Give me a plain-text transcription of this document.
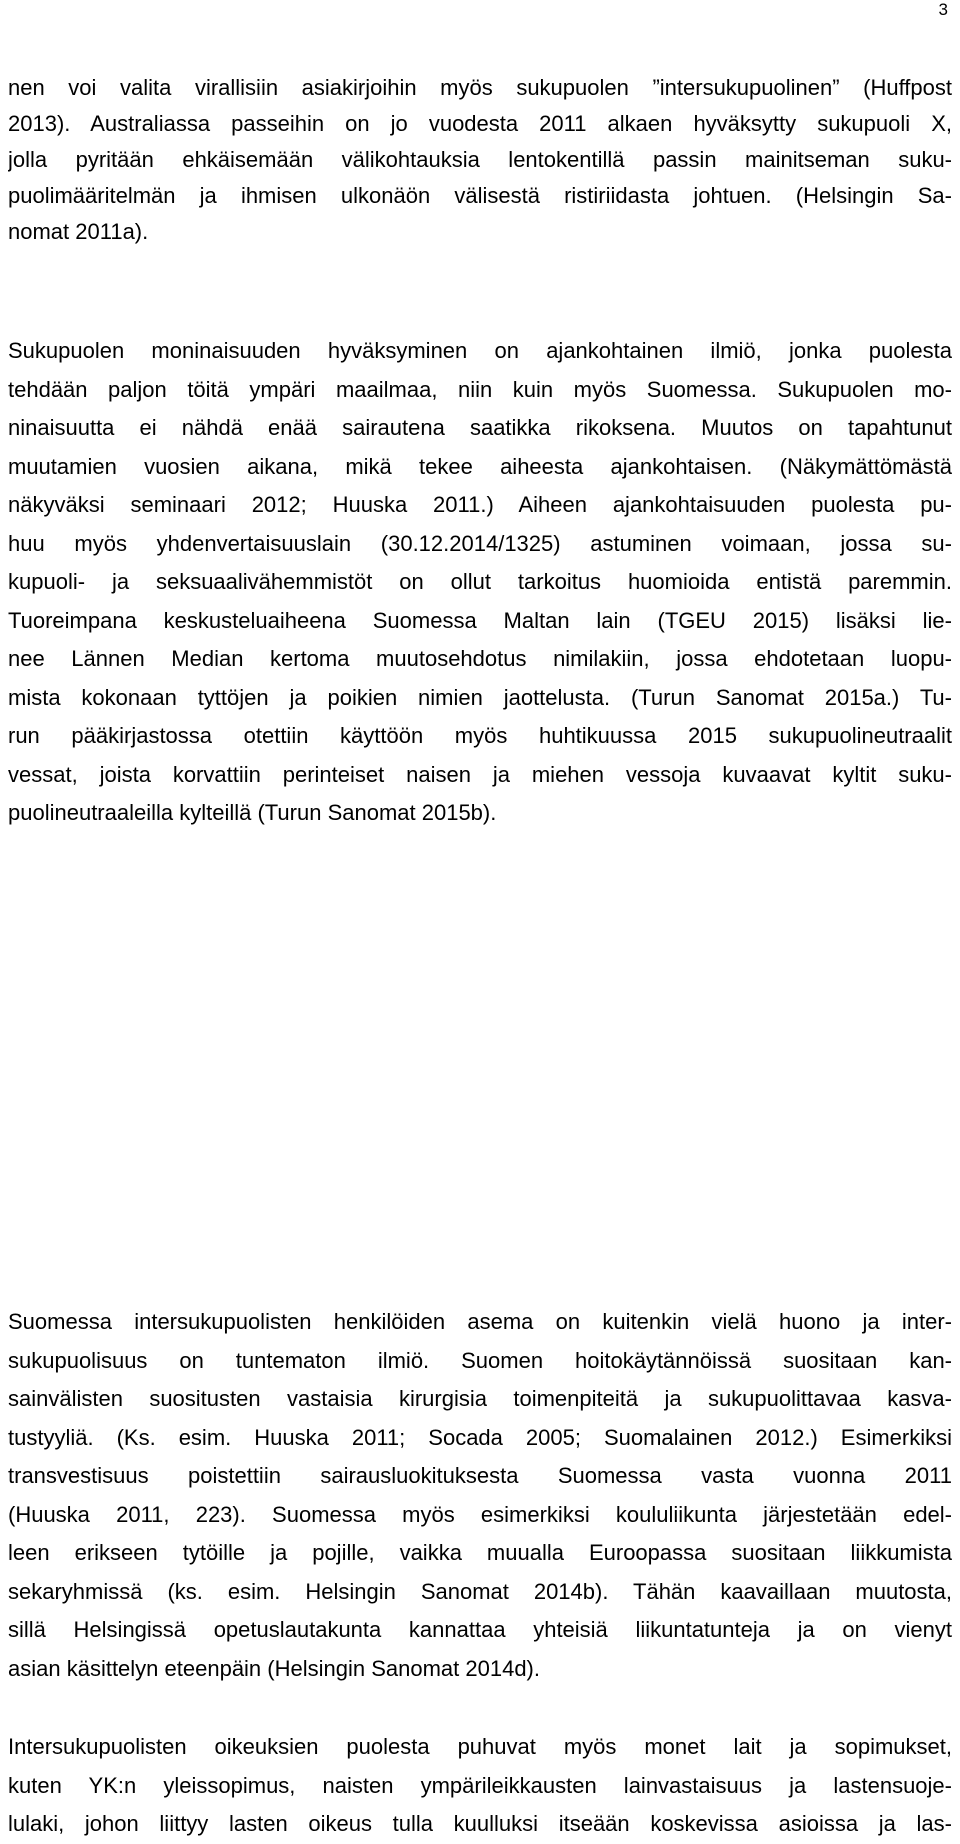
3
nen voi valita virallisiin asiakirjoihin myös sukupuolen ”intersukupuolinen” (Huffpost
2013). Australiassa passeihin on jo vuodesta 2011 alkaen hyväksytty sukupuoli X,
jolla pyritään ehkäisemään välikohtauksia lentokentillä passin mainitseman suku-
puolimääritelmän ja ihmisen ulkonäön välisestä ristiriidasta johtuen. (Helsingin Sa-
nomat 2011a).
Sukupuolen moninaisuuden hyväksyminen on ajankohtainen ilmiö, jonka puolesta
tehdään paljon töitä ympäri maailmaa, niin kuin myös Suomessa. Sukupuolen mo-
ninaisuutta ei nähdä enää sairautena saatikka rikoksena. Muutos on tapahtunut
muutamien vuosien aikana, mikä tekee aiheesta ajankohtaisen. (Näkymättömästä
näkyväksi seminaari 2012; Huuska 2011.) Aiheen ajankohtaisuuden puolesta pu-
huu myös yhdenvertaisuuslain (30.12.2014/1325) astuminen voimaan, jossa su-
kupuoli- ja seksuaalivähemmistöt on ollut tarkoitus huomioida entistä paremmin.
Tuoreimpana keskusteluaiheena Suomessa Maltan lain (TGEU 2015) lisäksi lie-
nee Lännen Median kertoma muutosehdotus nimilakiin, jossa ehdotetaan luopu-
mista kokonaan tyttöjen ja poikien nimien jaottelusta. (Turun Sanomat 2015a.) Tu-
run pääkirjastossa otettiin käyttöön myös huhtikuussa 2015 sukupuolineutraalit
vessat, joista korvattiin perinteiset naisen ja miehen vessoja kuvaavat kyltit suku-
puolineutraaleilla kylteillä (Turun Sanomat 2015b).
Suomessa intersukupuolisten henkilöiden asema on kuitenkin vielä huono ja inter-
sukupuolisuus on tuntematon ilmiö. Suomen hoitokäytännöissä suositaan kan-
sainvälisten suositusten vastaisia kirurgisia toimenpiteitä ja sukupuolittavaa kasva-
tustyyliä. (Ks. esim. Huuska 2011; Socada 2005; Suomalainen 2012.) Esimerkiksi
transvestisuus poistettiin sairausluokituksesta Suomessa vasta vuonna 2011
(Huuska 2011, 223). Suomessa myös esimerkiksi koululiikunta järjestetään edel-
leen erikseen tytöille ja pojille, vaikka muualla Euroopassa suositaan liikkumista
sekaryhmissä (ks. esim. Helsingin Sanomat 2014b). Tähän kaavaillaan muutosta,
sillä Helsingissä opetuslautakunta kannattaa yhteisiä liikuntatunteja ja on vienyt
asian käsittelyn eteenpäin (Helsingin Sanomat 2014d).
Intersukupuolisten oikeuksien puolesta puhuvat myös monet lait ja sopimukset,
kuten YK:n yleissopimus, naisten ympärileikkausten lainvastaisuus ja lastensuoje-
lulaki, johon liittyy lasten oikeus tulla kuulluksi itseään koskevissa asioissa ja las-
